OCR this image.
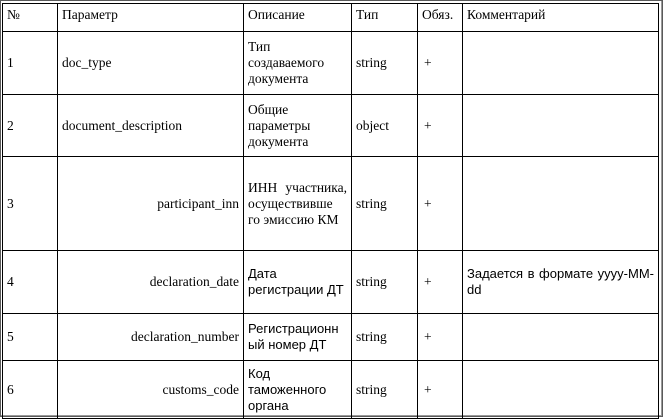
№	Параметр	Описание	Тип	Обяз.	Комментарий
1	doc_type	Тип создаваемого документа	string	+	
2	document_description	Общие параметры документа	object	+	
3	participant_inn	ИНН участника, осуществивше го эмиссию КМ	string	+	
4	declaration_date	Дата регистрации ДТ	string	+	Задается в формате yyyy-MM-dd
5	declaration_number	Регистрационн ый номер ДТ	string	+	
6	customs_code	Код таможенного органа	string	+	
